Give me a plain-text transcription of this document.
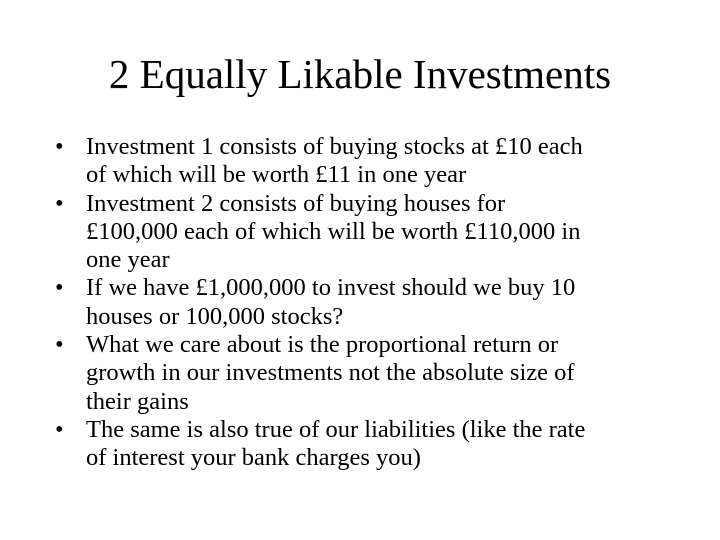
2 Equally Likable Investments
• Investment 1 consists of buying stocks at £10 each
of which will be worth £11 in one year
• Investment 2 consists of buying houses for
£100,000 each of which will be worth £110,000 in
one year
• If we have £1,000,000 to invest should we buy 10
houses or 100,000 stocks?
• What we care about is the proportional return or
growth in our investments not the absolute size of
their gains
• The same is also true of our liabilities (like the rate
of interest your bank charges you)
